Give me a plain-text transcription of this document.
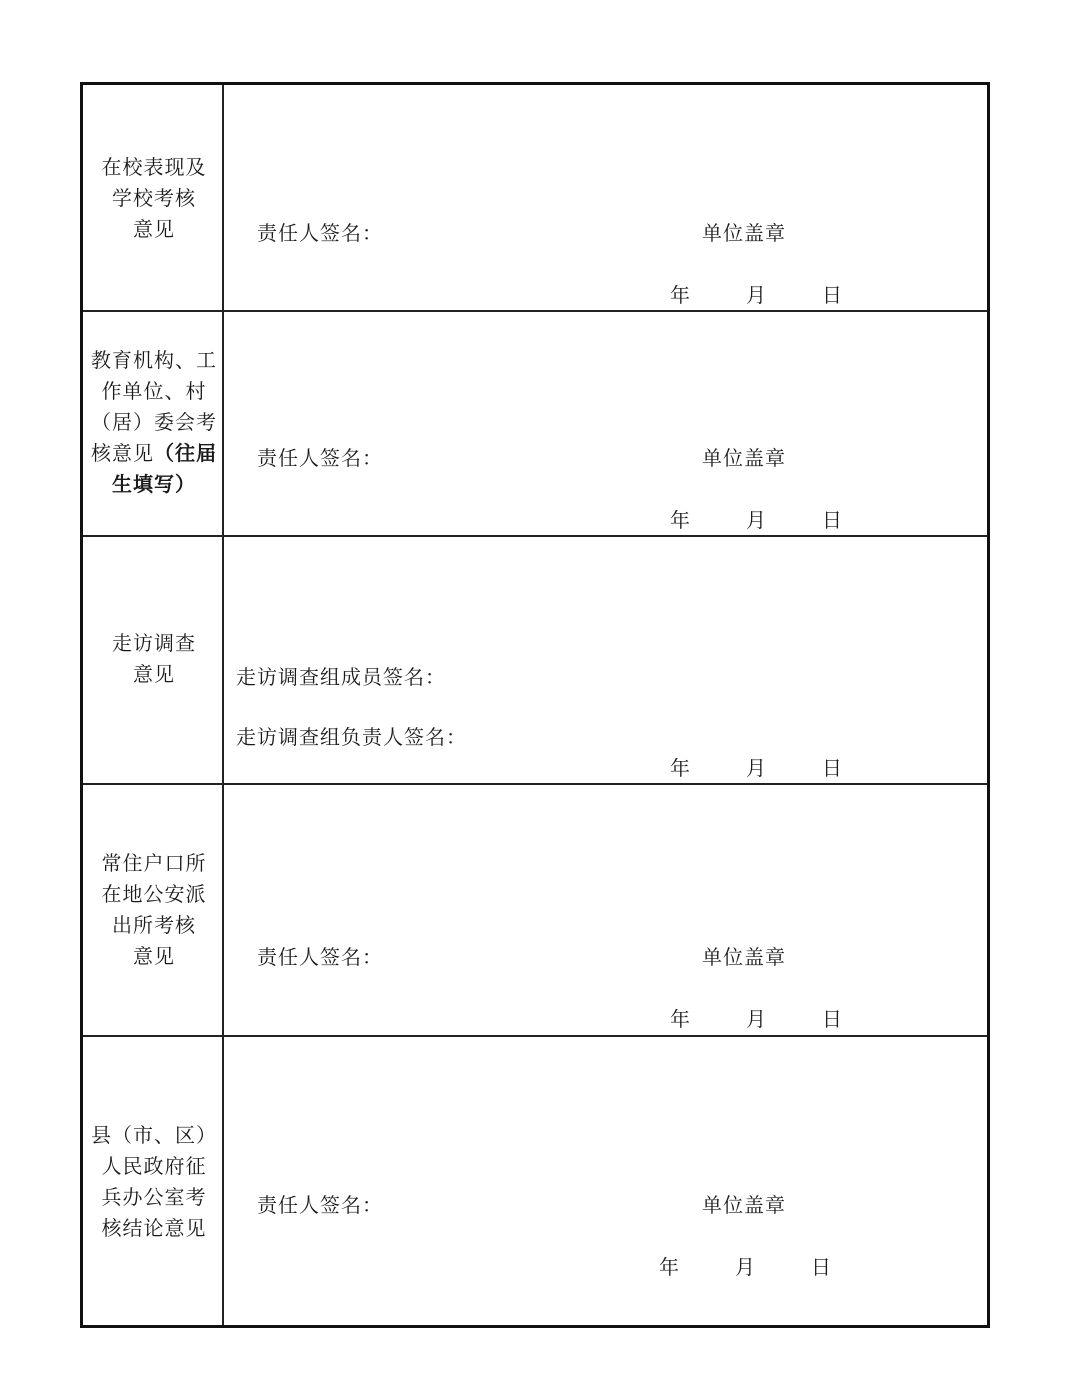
在校表现及
学校考核
意见	责任人签名：	单位盖章
年	月	日
教育机构、工
作单位、村
（居）委会考
核意见（往届
生填写）
责任人签名：	单位盖章
年	月	日
走访调查
意见	走访调查组成员签名：
走访调查组负责人签名：
年	月	日
常住户口所
在地公安派
出所考核
意见	责任人签名：	单位盖章
年	月	日
县（市、区）
人民政府征
兵办公室考
核结论意见
责任人签名：	单位盖章
年	月	日
